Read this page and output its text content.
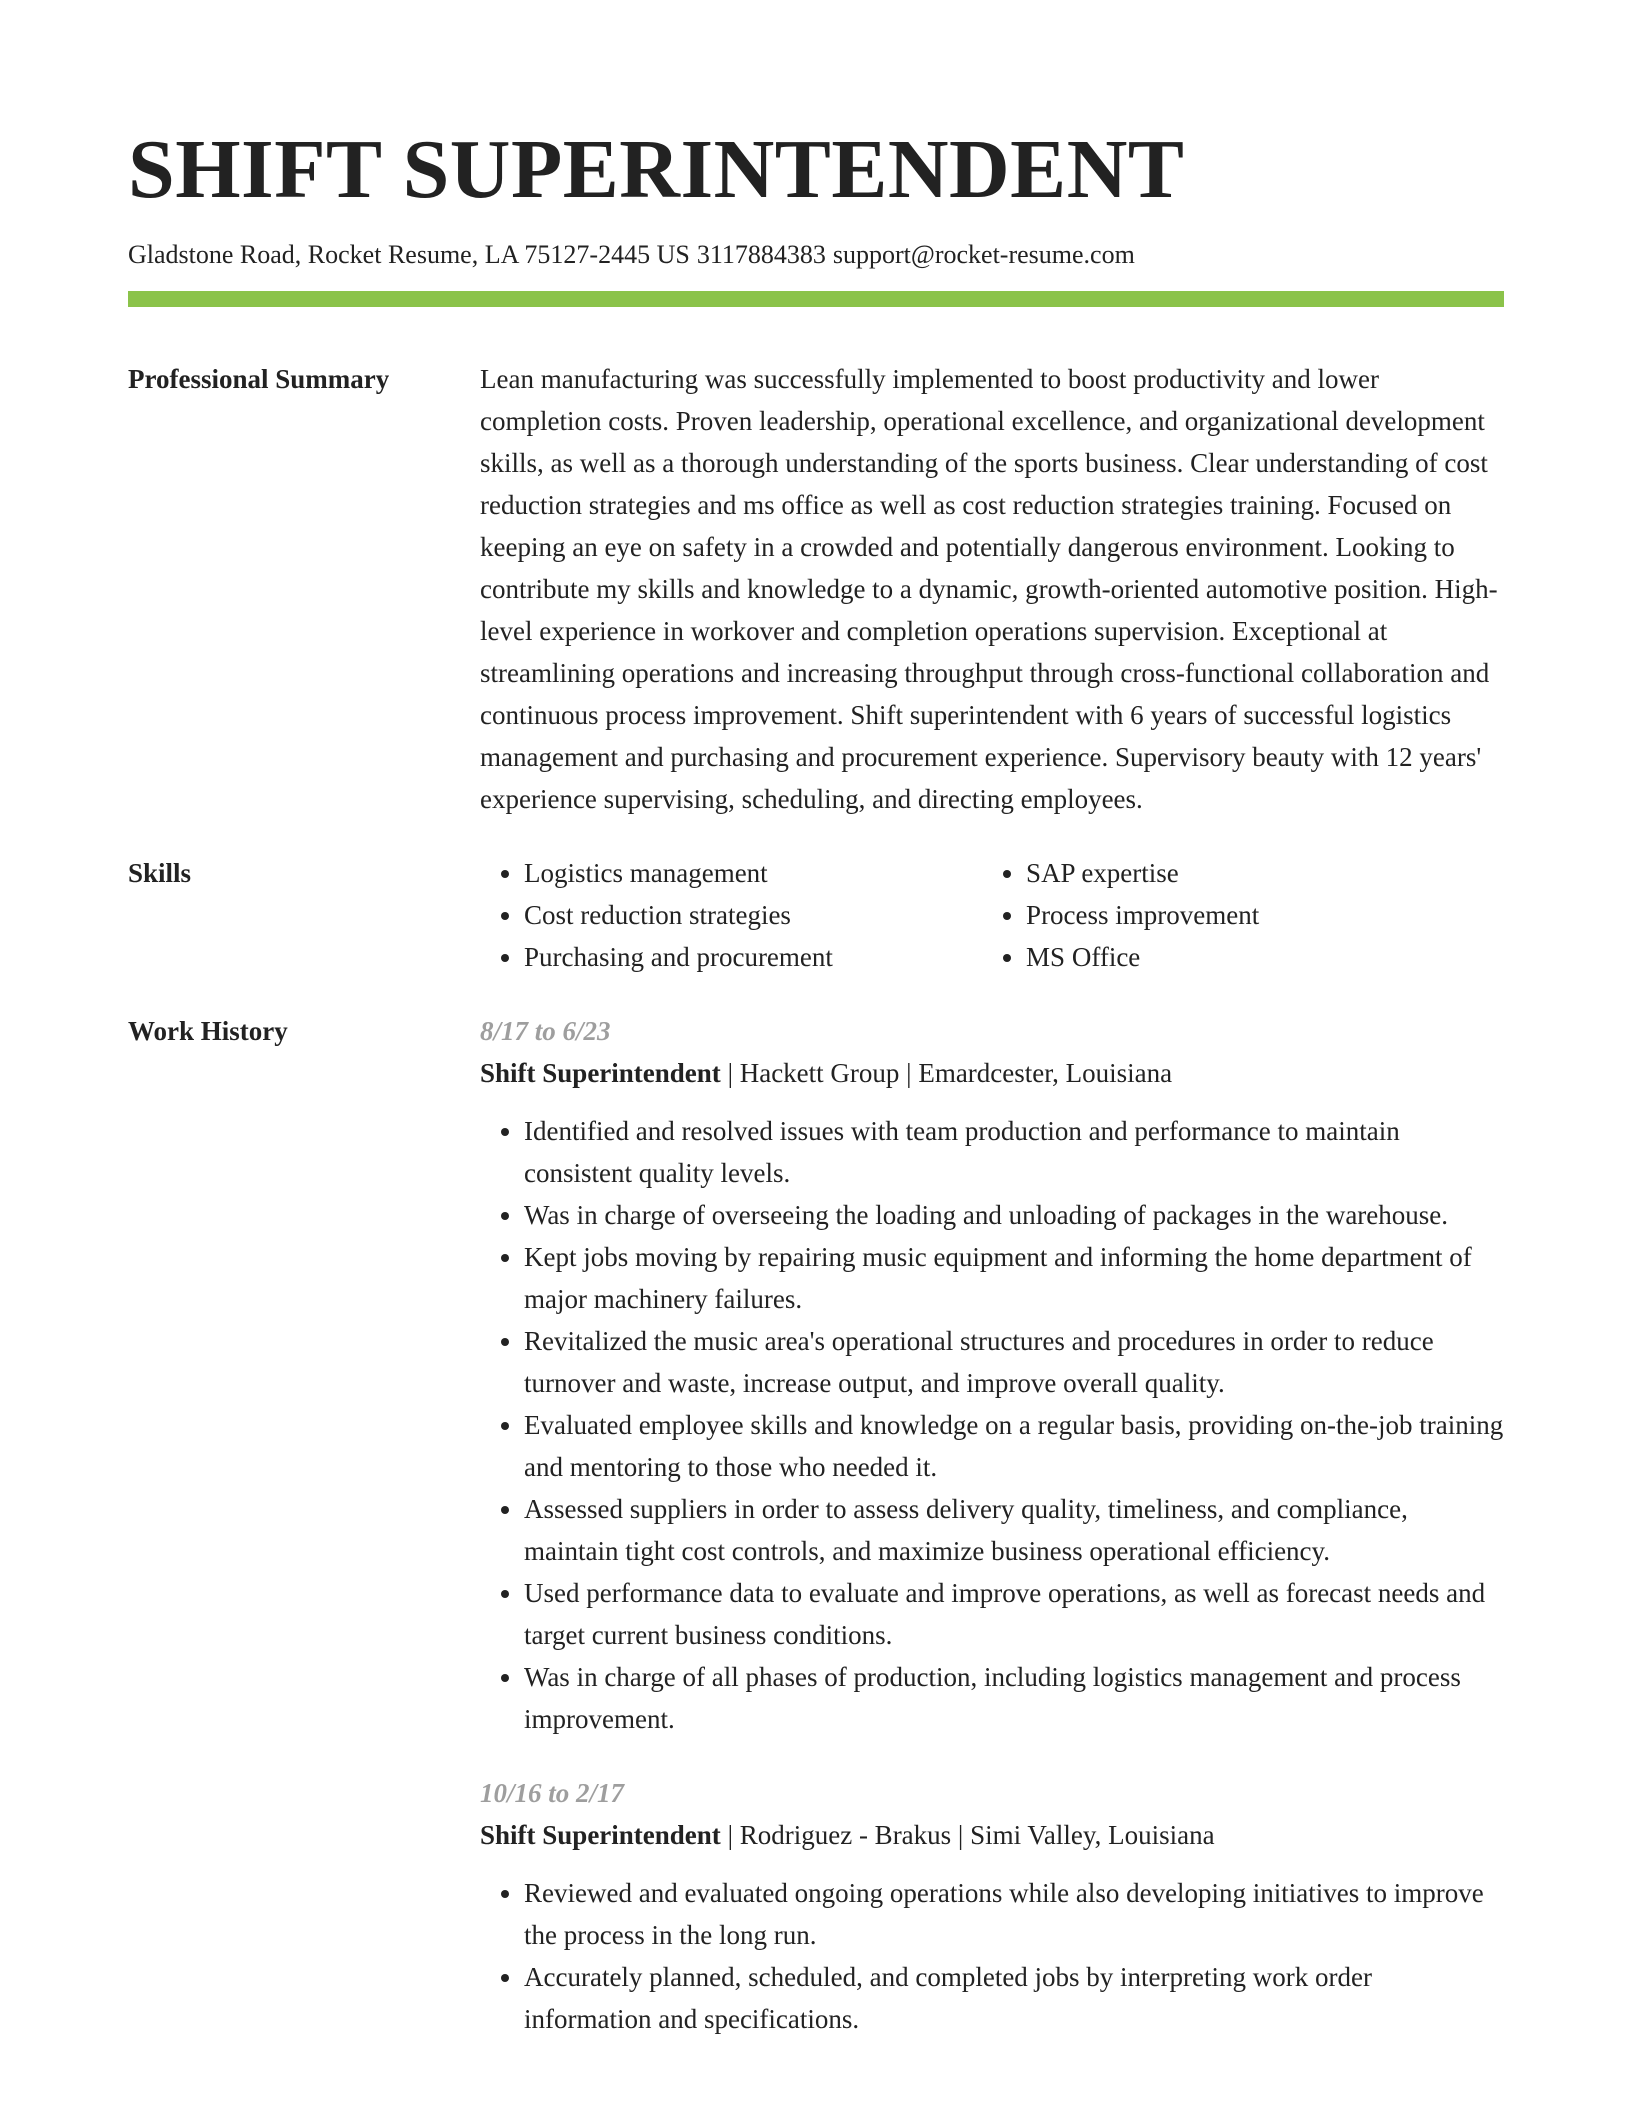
SHIFT SUPERINTENDENT
Gladstone Road, Rocket Resume, LA 75127-2445 US 3117884383 support@rocket-resume.com
Professional Summary	Lean manufacturing was successfully implemented to boost productivity and lower completion costs. Proven leadership, operational excellence, and organizational development skills, as well as a thorough understanding of the sports business. Clear understanding of cost reduction strategies and ms office as well as cost reduction strategies training. Focused on keeping an eye on safety in a crowded and potentially dangerous environment. Looking to contribute my skills and knowledge to a dynamic, growth-oriented automotive position. High-level experience in workover and completion operations supervision. Exceptional at streamlining operations and increasing throughput through cross-functional collaboration and continuous process improvement. Shift superintendent with 6 years of successful logistics management and purchasing and procurement experience. Supervisory beauty with 12 years' experience supervising, scheduling, and directing employees.

Skills
•	Logistics management
• Cost reduction strategies
• Purchasing and procurement
• SAP expertise
• Process improvement
• MS Office
Work History	8/17 to 6/23
Shift Superintendent | Hackett Group | Emardcester, Louisiana
• Identified and resolved issues with team production and performance to maintain consistent quality levels.
• Was in charge of overseeing the loading and unloading of packages in the warehouse.
• Kept jobs moving by repairing music equipment and informing the home department of major machinery failures.
• Revitalized the music area's operational structures and procedures in order to reduce turnover and waste, increase output, and improve overall quality.
• Evaluated employee skills and knowledge on a regular basis, providing on-the-job training and mentoring to those who needed it.
• Assessed suppliers in order to assess delivery quality, timeliness, and compliance, maintain tight cost controls, and maximize business operational efficiency.
• Used performance data to evaluate and improve operations, as well as forecast needs and target current business conditions.
• Was in charge of all phases of production, including logistics management and process improvement.
10/16 to 2/17
Shift Superintendent | Rodriguez - Brakus | Simi Valley, Louisiana
• Reviewed and evaluated ongoing operations while also developing initiatives to improve the process in the long run.
• Accurately planned, scheduled, and completed jobs by interpreting work order information and specifications.
